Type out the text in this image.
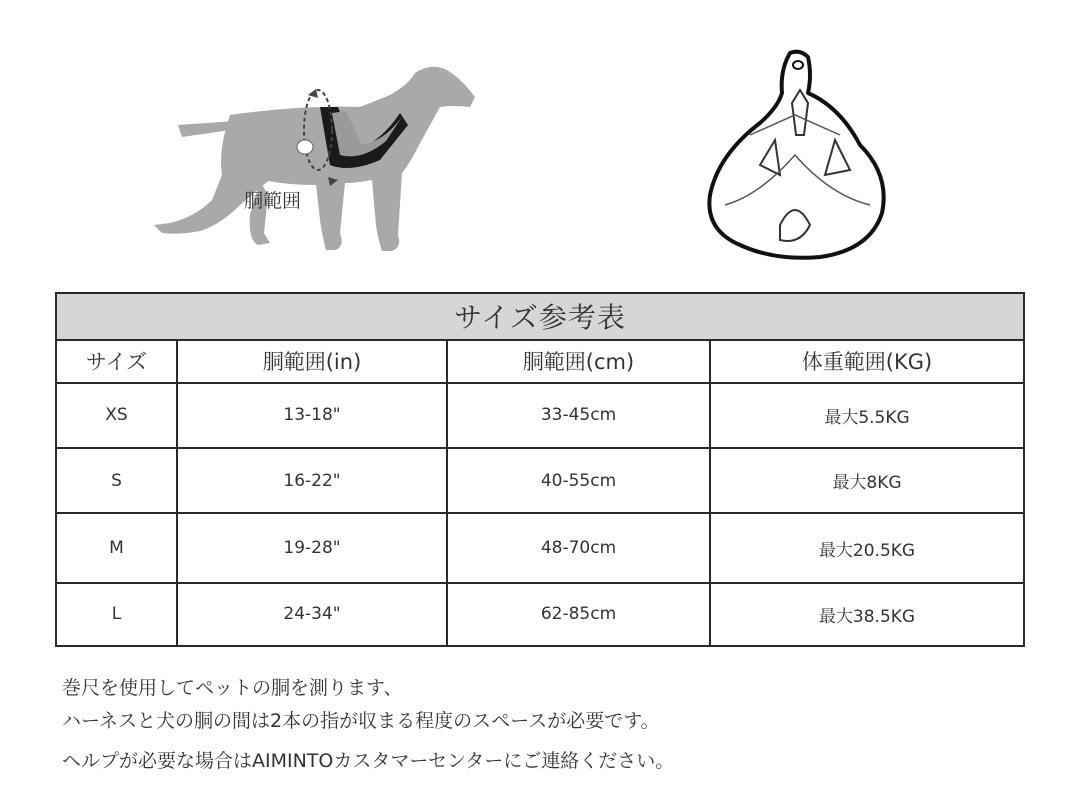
胴範囲
サイズ参考表			
サイズ	胴範囲(in)	胴範囲(cm)	体重範囲(KG)
XS	13-18"	33-45cm	最大5.5KG
S	16-22"	40-55cm	最大8KG
M	19-28"	48-70cm	最大20.5KG
L	24-34"	62-85cm	最大38.5KG
巻尺を使用してペットの胴を測ります、
ハーネスと犬の胴の間は2本の指が収まる程度のスペースが必要です。
ヘルプが必要な場合はAIMINTOカスタマーセンターにご連絡ください。
